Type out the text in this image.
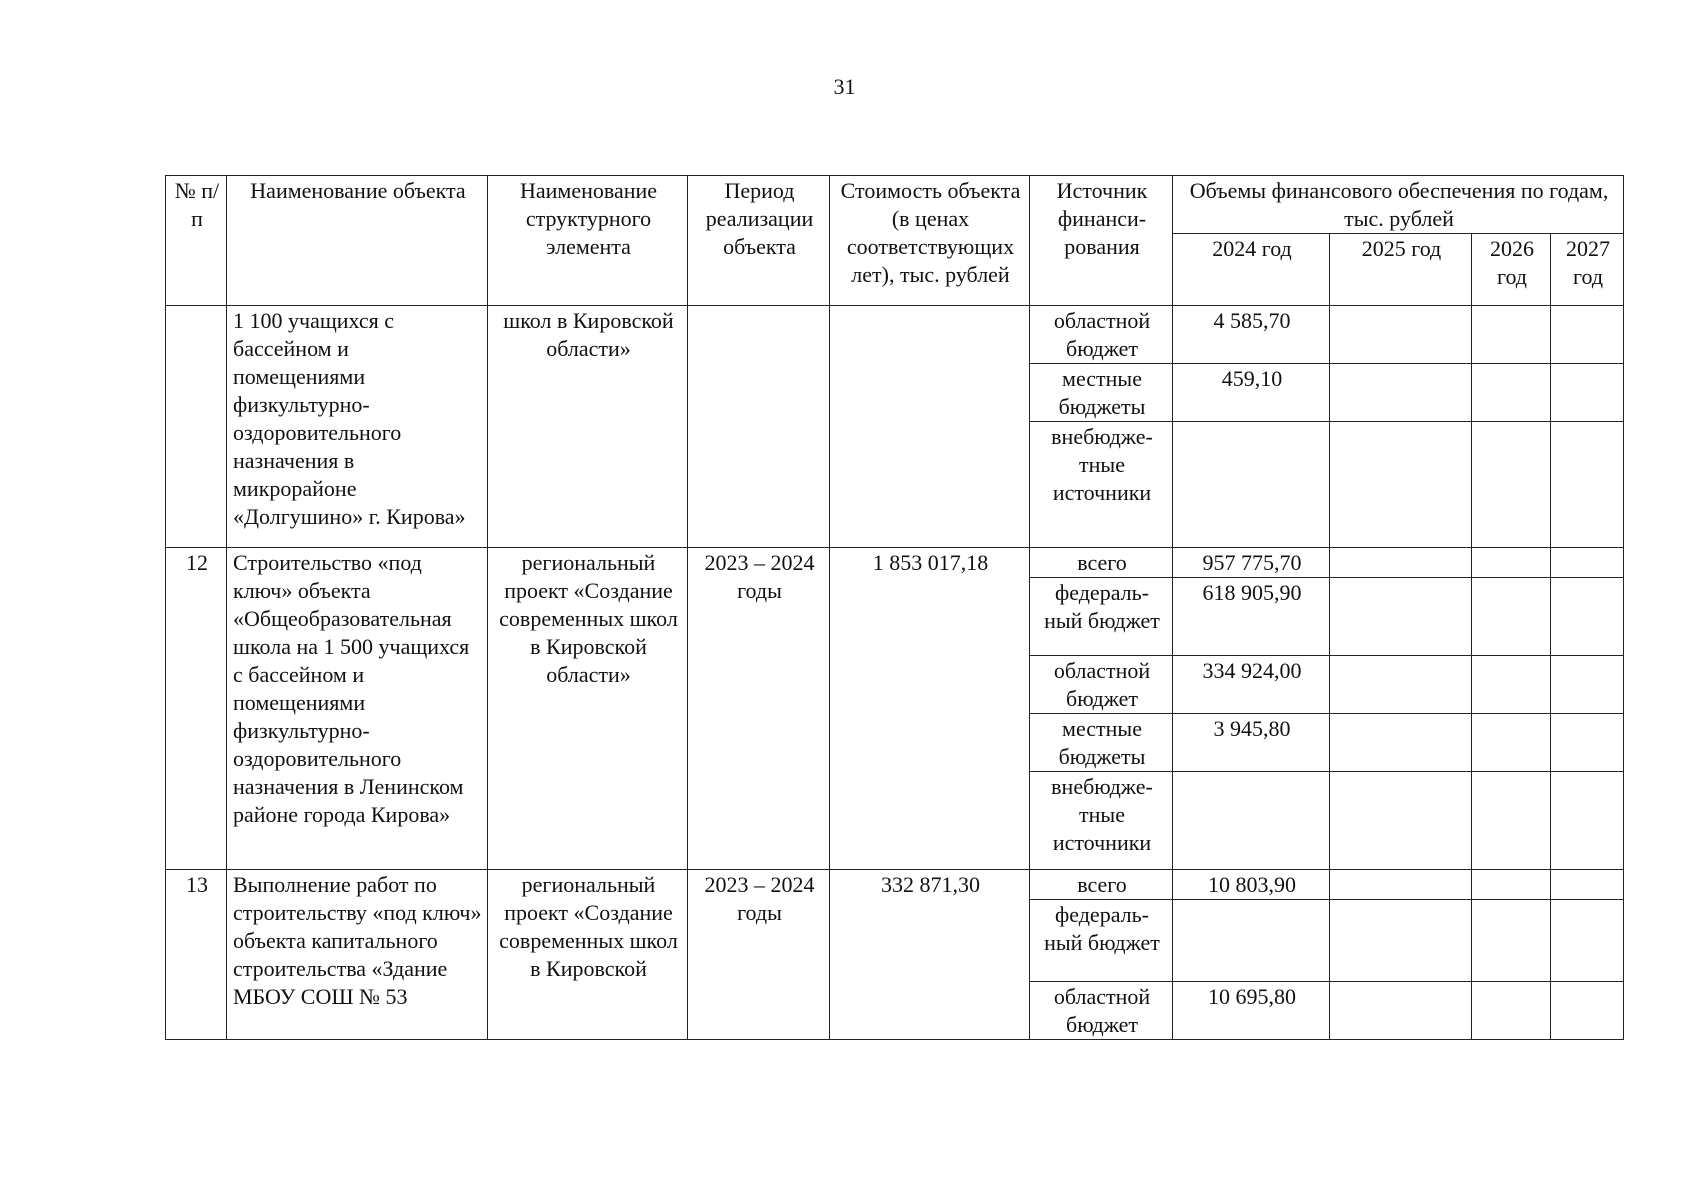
31
№ п/п	Наименование объекта	Наименование структурного элемента	Период реализации объекта	Стоимость объекта (в ценах соответствующих лет), тыс. рублей	Источник финанси-рования	Объемы финансового обеспечения по годам, тыс. рублей			
						2024 год	2025 год	2026 год	2027 год
	1 100 учащихся с бассейном и помещениями физкультурно-оздоровительного назначения в микрорайоне «Долгушино» г. Кирова»	школ в Кировской области»			областной бюджет	4 585,70			
					местные бюджеты	459,10			
					внебюдже-тные источники				
12	Строительство «под ключ» объекта «Общеобразовательная школа на 1 500 учащихся с бассейном и помещениями физкультурно-оздоровительного назначения в Ленинском районе города Кирова»	региональный проект «Создание современных школ в Кировской области»	2023 – 2024 годы	1 853 017,18	всего	957 775,70			
					федераль-ный бюджет	618 905,90			
					областной бюджет	334 924,00			
					местные бюджеты	3 945,80			
					внебюдже-тные источники				
13	Выполнение работ по строительству «под ключ» объекта капитального строительства «Здание МБОУ СОШ № 53	региональный проект «Создание современных школ в Кировской	2023 – 2024 годы	332 871,30	всего	10 803,90			
					федераль-ный бюджет				
					областной бюджет	10 695,80			
